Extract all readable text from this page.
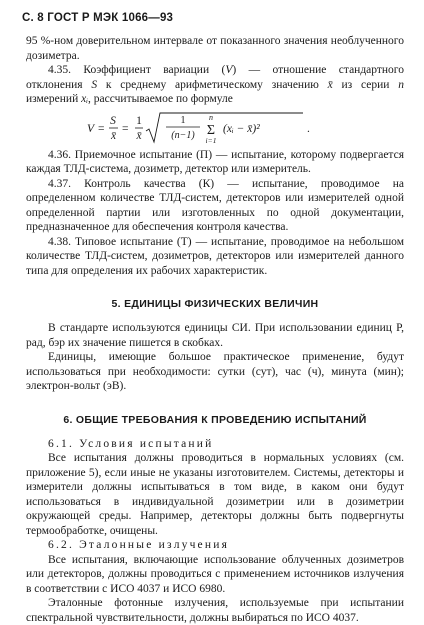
С. 8 ГОСТ Р МЭК 1066—93

95 %-ном доверительном интервале от показанного значения необлученного дозиметра.

4.35. Коэффициент вариации (V) — отношение стандартного отклонения S к среднему арифметическому значению x̄ из серии n измерений xᵢ, рассчитываемое по формуле

V =
S
x̄
=
1
x̄
1
(n−1)
n
Σ
i=1
(xᵢ − x̄)²	.

4.36. Приемочное испытание (П) — испытание, которому подвергается каждая ТЛД-система, дозиметр, детектор или измеритель.

4.37. Контроль качества (К) — испытание, проводимое на определенном количестве ТЛД-систем, детекторов или измерителей одной определенной партии или изготовленных по одной документации, предназначенное для обеспечения контроля качества.

4.38. Типовое испытание (Т) — испытание, проводимое на небольшом количестве ТЛД-систем, дозиметров, детекторов или измерителей данного типа для определения их рабочих характеристик.

5. ЕДИНИЦЫ ФИЗИЧЕСКИХ ВЕЛИЧИН

В стандарте используются единицы СИ. При использовании единиц Р, рад, бэр их значение пишется в скобках.

Единицы, имеющие большое практическое применение, будут использоваться при необходимости: сутки (сут), час (ч), минута (мин); электрон-вольт (эВ).

6. ОБЩИЕ ТРЕБОВАНИЯ К ПРОВЕДЕНИЮ ИСПЫТАНИЙ

6.1. Условия испытаний

Все испытания должны проводиться в нормальных условиях (см. приложение 5), если иные не указаны изготовителем. Системы, детекторы и измерители должны испытываться в том виде, в каком они будут использоваться в индивидуальной дозиметрии или в дозиметрии окружающей среды. Например, детекторы должны быть подвергнуты термообработке, очищены.

6.2. Эталонные излучения

Все испытания, включающие использование облученных дозиметров или детекторов, должны проводиться с применением источников излучения в соответствии с ИСО 4037 и ИСО 6980.

Эталонные фотонные излучения, используемые при испытании спектральной чувствительности, должны выбираться по ИСО 4037.
